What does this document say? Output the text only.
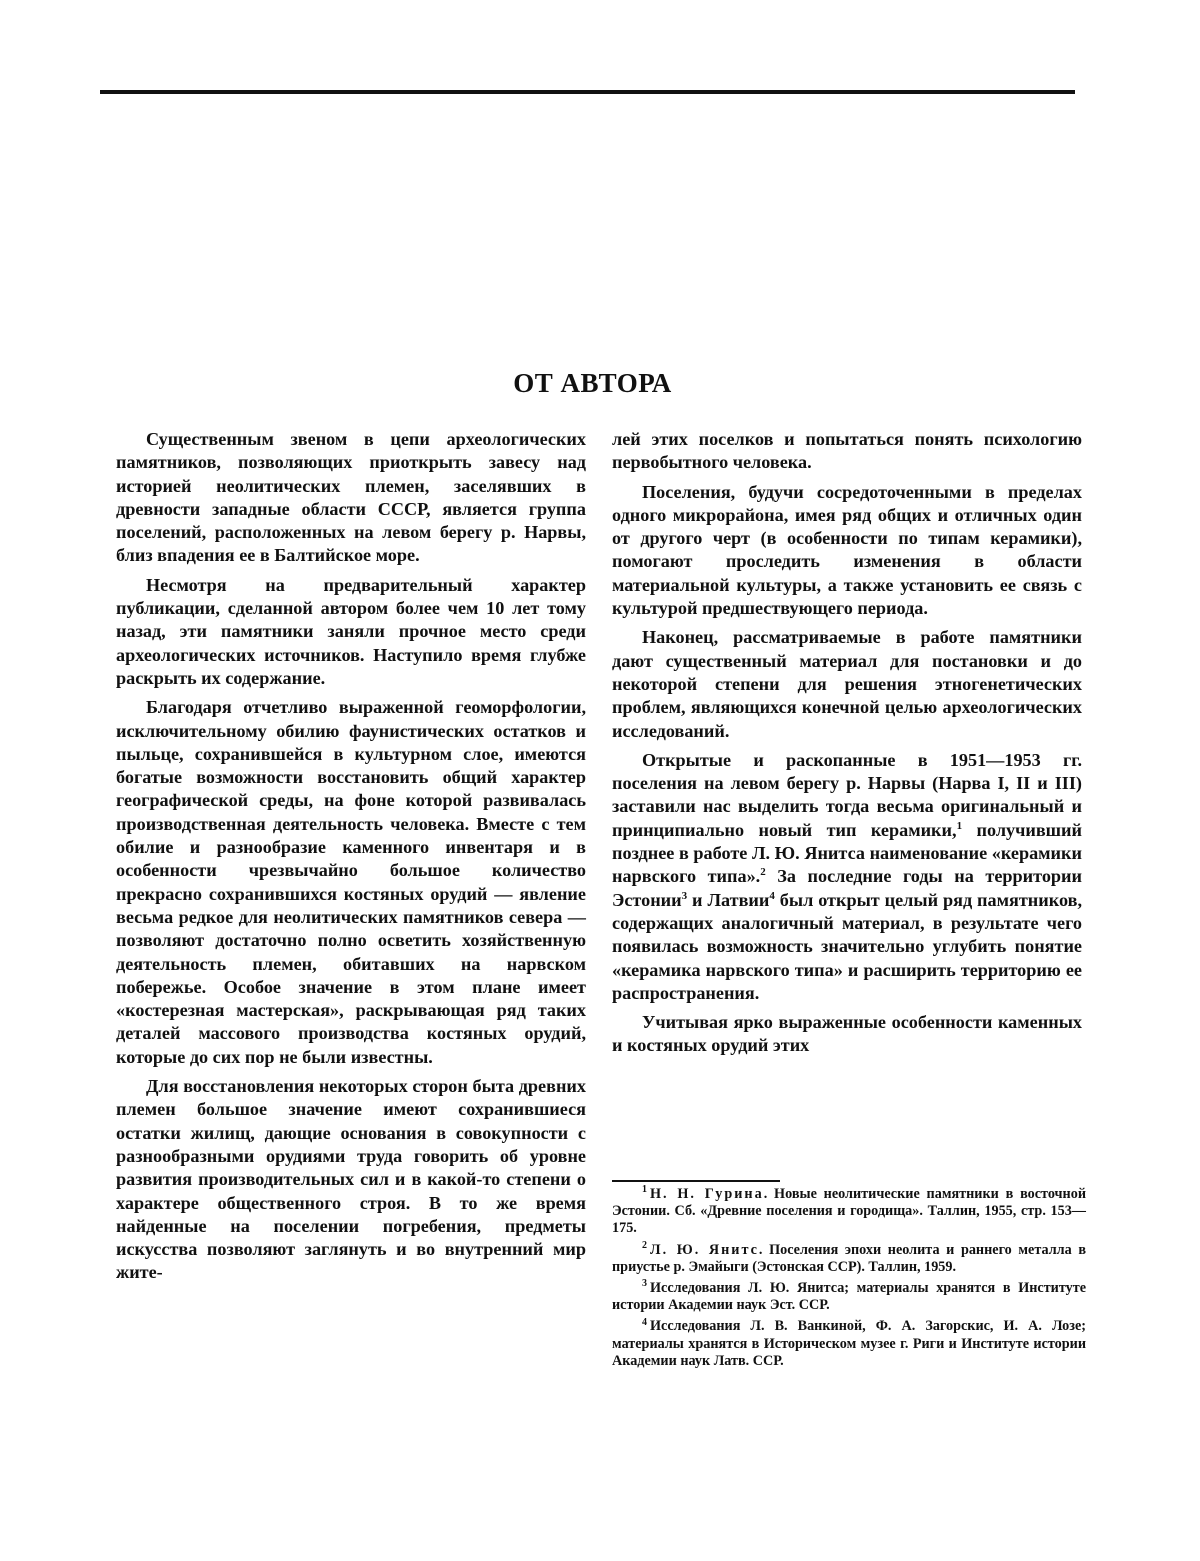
ОТ АВТОРА

Существенным звеном в цепи археологических памятников, позволяющих приоткрыть завесу над историей неолитических племен, заселявших в древности западные области СССР, является группа поселений, расположенных на левом берегу р. Нарвы, близ впадения ее в Балтийское море.

Несмотря на предварительный характер публикации, сделанной автором более чем 10 лет тому назад, эти памятники заняли прочное место среди археологических источников. Наступило время глубже раскрыть их содержание.

Благодаря отчетливо выраженной геоморфологии, исключительному обилию фаунистических остатков и пыльце, сохранившейся в культурном слое, имеются богатые возможности восстановить общий характер географической среды, на фоне которой развивалась производственная деятельность человека. Вместе с тем обилие и разнообразие каменного инвентаря и в особенности чрезвычайно большое количество прекрасно сохранившихся костяных орудий — явление весьма редкое для неолитических памятников севера — позволяют достаточно полно осветить хозяйственную деятельность племен, обитавших на нарвском побережье. Особое значение в этом плане имеет «костерезная мастерская», раскрывающая ряд таких деталей массового производства костяных орудий, которые до сих пор не были известны.

Для восстановления некоторых сторон быта древних племен большое значение имеют сохранившиеся остатки жилищ, дающие основания в совокупности с разнообразными орудиями труда говорить об уровне развития производительных сил и в какой-то степени о характере общественного строя. В то же время найденные на поселении погребения, предметы искусства позволяют заглянуть и во внутренний мир жите-

лей этих поселков и попытаться понять психологию первобытного человека.

Поселения, будучи сосредоточенными в пределах одного микрорайона, имея ряд общих и отличных один от другого черт (в особенности по типам керамики), помогают проследить изменения в области материальной культуры, а также установить ее связь с культурой предшествующего периода.

Наконец, рассматриваемые в работе памятники дают существенный материал для постановки и до некоторой степени для решения этногенетических проблем, являющихся конечной целью археологических исследований.

Открытые и раскопанные в 1951—1953 гг. поселения на левом берегу р. Нарвы (Нарва I, II и III) заставили нас выделить тогда весьма оригинальный и принципиально новый тип керамики,$^1$ получивший позднее в работе Л. Ю. Янитса наименование «керамики нарвского типа».$^2$ За последние годы на территории Эстонии$^3$ и Латвии$^4$ был открыт целый ряд памятников, содержащих аналогичный материал, в результате чего появилась возможность значительно углубить понятие «керамика нарвского типа» и расширить территорию ее распространения.

Учитывая ярко выраженные особенности каменных и костяных орудий этих

$^1$ Н. Н. Гурина. Новые неолитические памятники в восточной Эстонии. Сб. «Древние поселения и городища». Таллин, 1955, стр. 153—175.

$^2$ Л. Ю. Янитс. Поселения эпохи неолита и раннего металла в приустье р. Эмайыги (Эстонская ССР). Таллин, 1959.

$^3$ Исследования Л. Ю. Янитса; материалы хранятся в Институте истории Академии наук Эст. ССР.

$^4$ Исследования Л. В. Ванкиной, Ф. А. Загорскис, И. А. Лозе; материалы хранятся в Историческом музее г. Риги и Институте истории Академии наук Латв. ССР.
